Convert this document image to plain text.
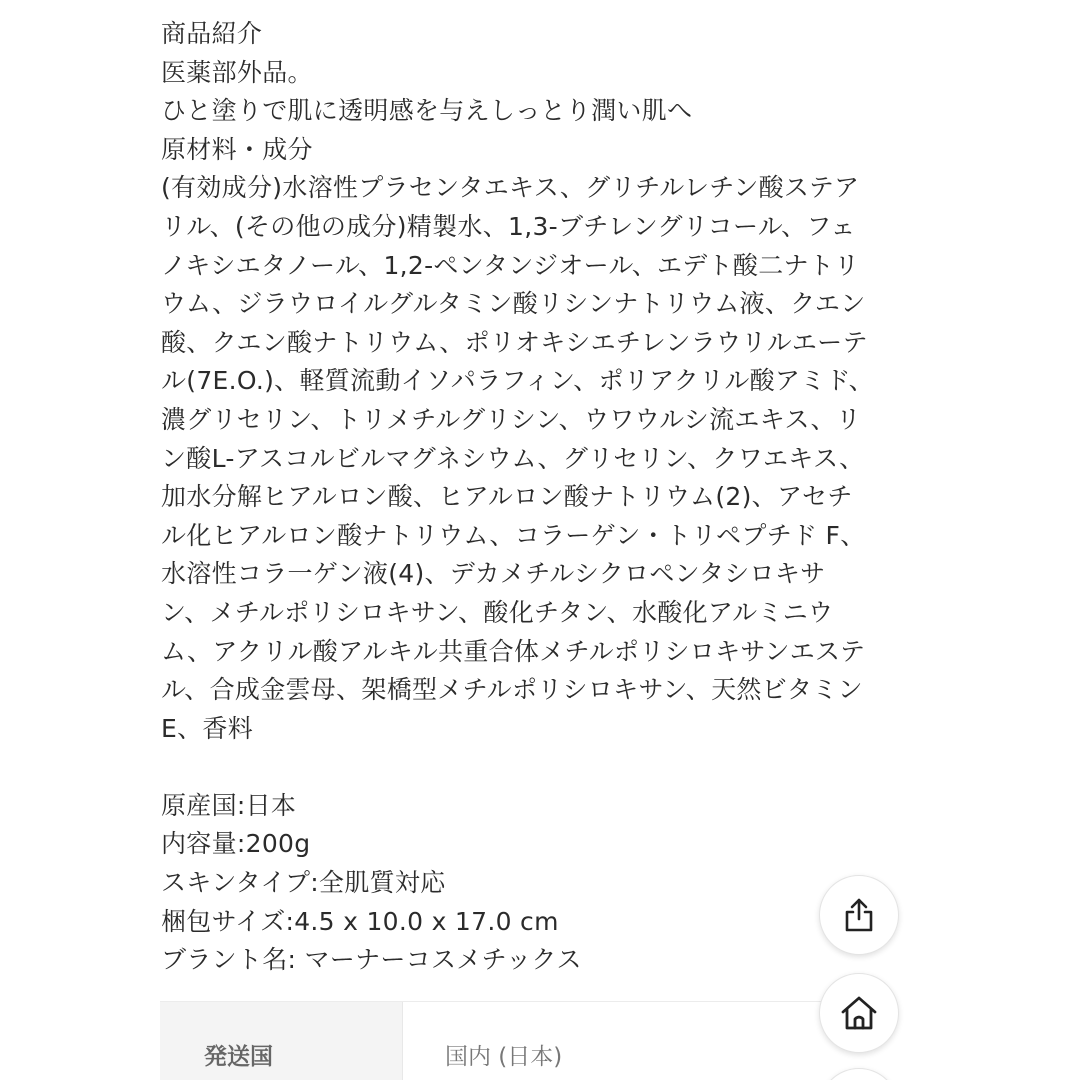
商品紹介
医薬部外品。
ひと塗りで肌に透明感を与えしっとり潤い肌へ
原材料・成分
(有効成分)水溶性プラセンタエキス、グリチルレチン酸ステア
リル、(その他の成分)精製水、1,3-ブチレングリコール、フェ
ノキシエタノール、1,2-ペンタンジオール、エデト酸二ナトリ
ウム、ジラウロイルグルタミン酸リシンナトリウム液、クエン
酸、クエン酸ナトリウム、ポリオキシエチレンラウリルエーテ
ル(7E.O.)、軽質流動イソパラフィン、ポリアクリル酸アミド、
濃グリセリン、トリメチルグリシン、ウワウルシ流エキス、リ
ン酸L-アスコルビルマグネシウム、グリセリン、クワエキス、
加水分解ヒアルロン酸、ヒアルロン酸ナトリウム(2)、アセチ
ル化ヒアルロン酸ナトリウム、コラーゲン・トリペプチド F、
水溶性コラ一ゲン液(4)、デカメチルシクロペンタシロキサ
ン、メチルポリシロキサン、酸化チタン、水酸化アルミニウ
ム、アクリル酸アルキル共重合体メチルポリシロキサンエステ
ル、合成金雲母、架橋型メチルポリシロキサン、天然ビタミン
E、香料
原産国:日本
内容量:200g
スキンタイプ:全肌質対応
梱包サイズ:4.5 x 10.0 x 17.0 cm
ブラント名: マーナーコスメチックス
発送国	国内 (日本)
